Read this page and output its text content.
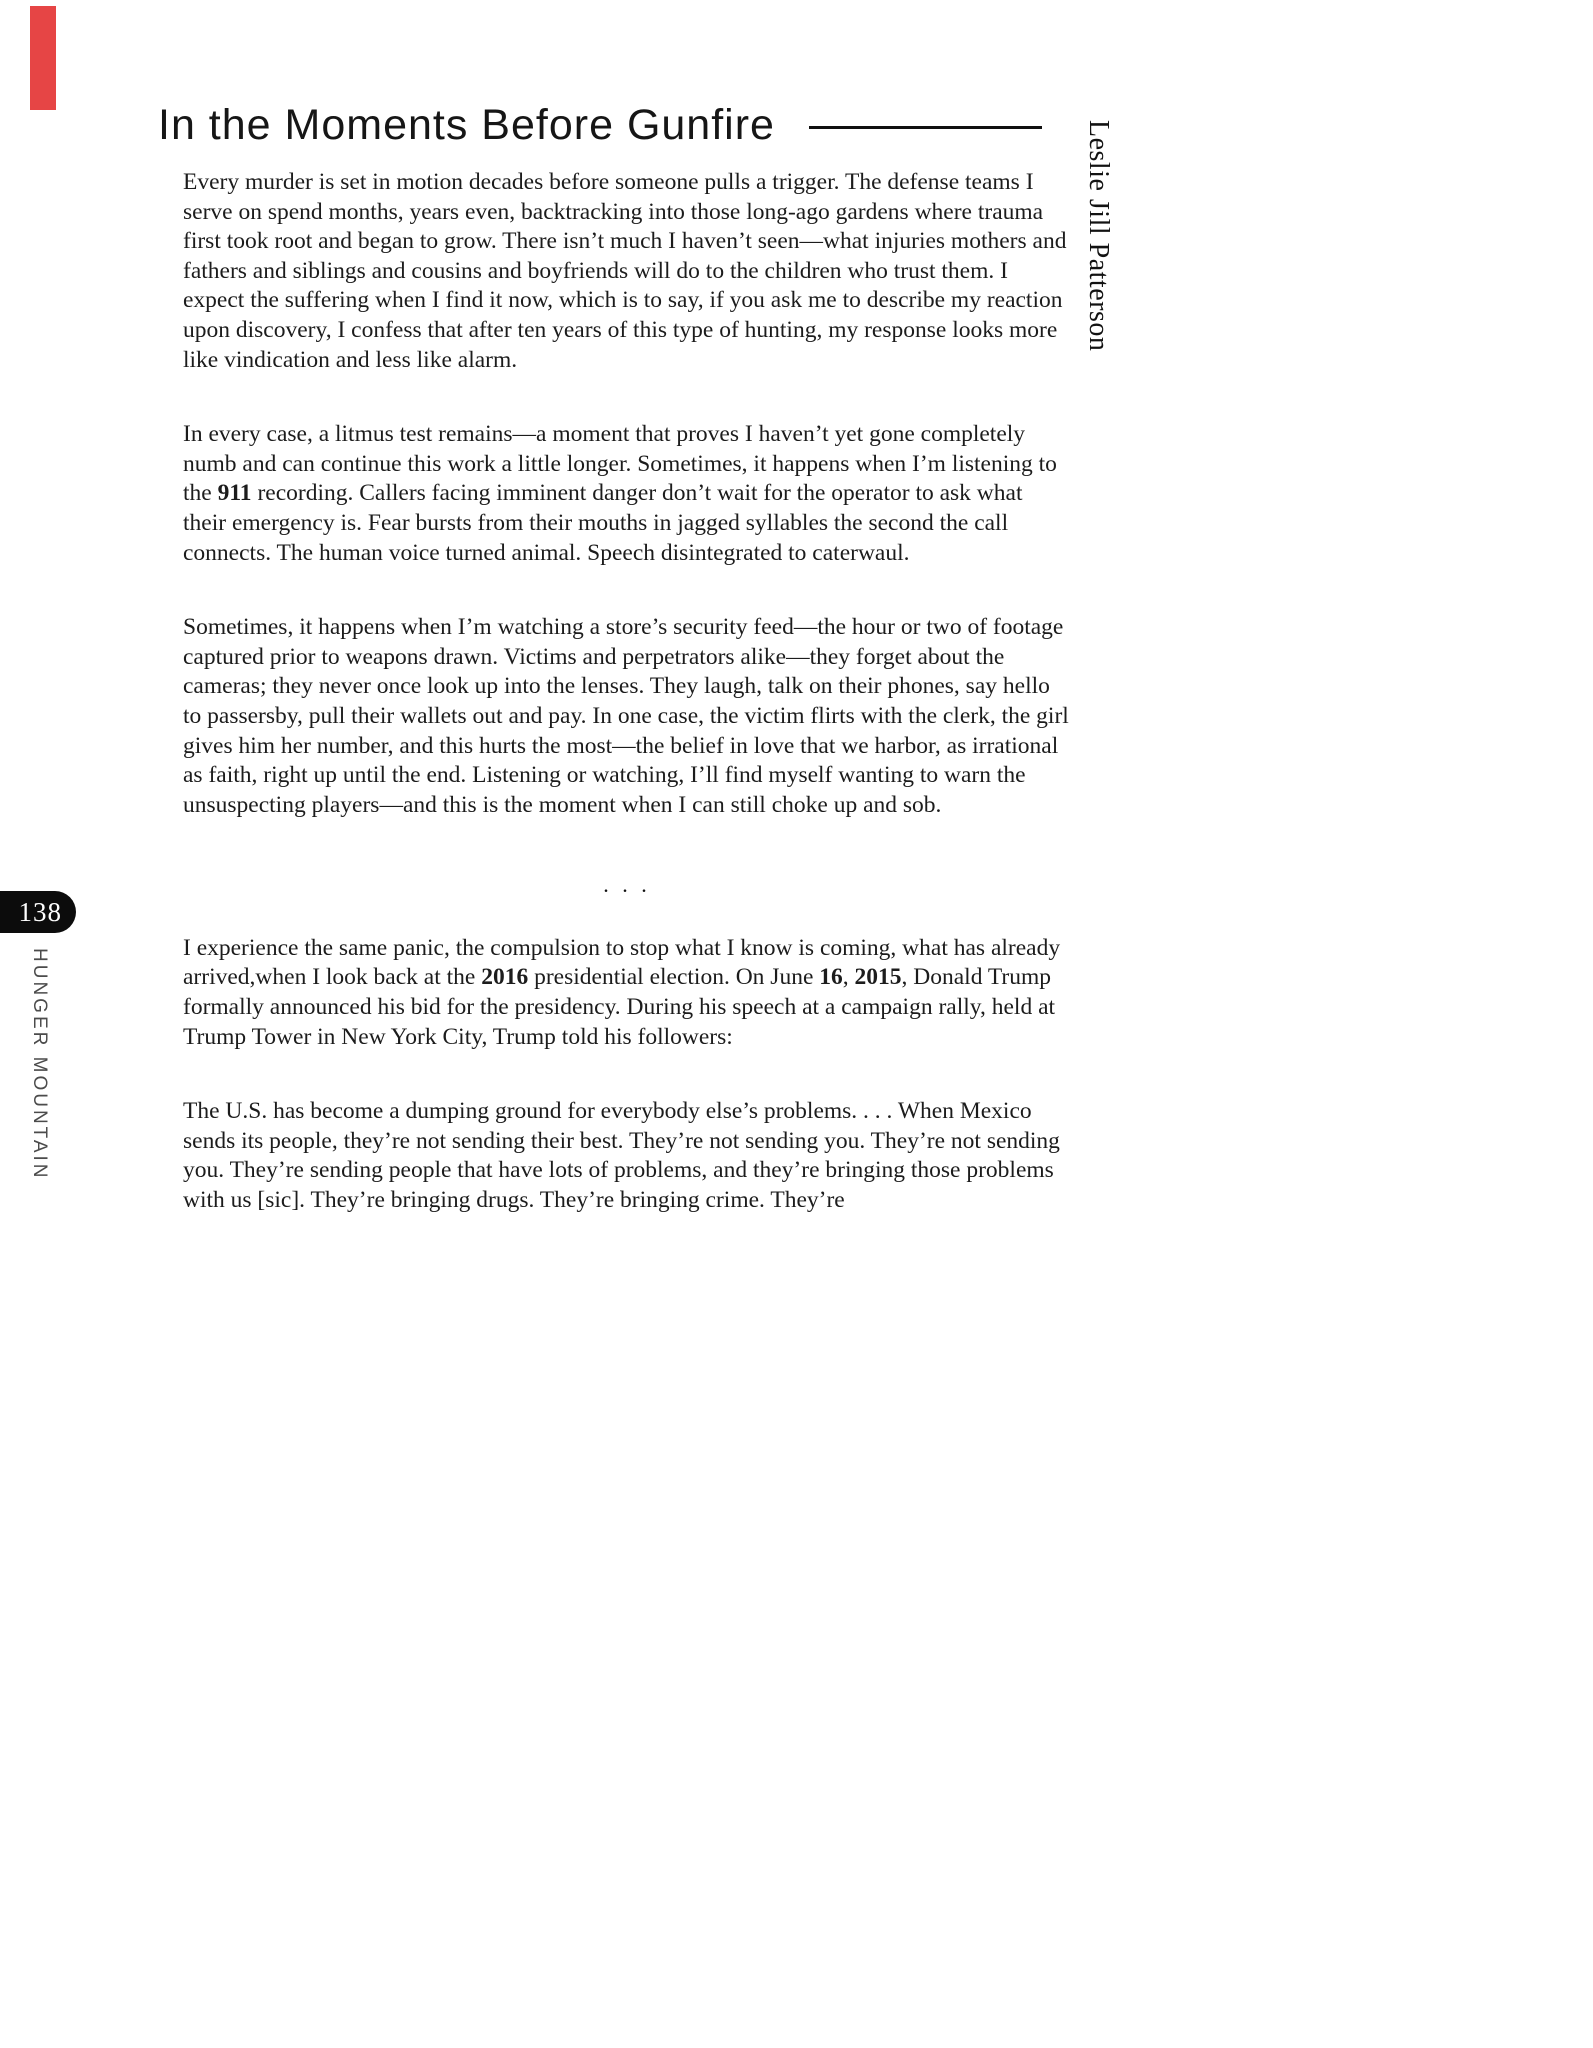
138
HUNGER MOUNTAIN
Leslie Jill Patterson
In the Moments Before Gunfire

Every murder is set in motion decades before someone pulls a trigger. The defense teams I serve on spend months, years even, backtracking into those long-ago gardens where trauma first took root and began to grow. There isn’t much I haven’t seen—what injuries mothers and fathers and siblings and cousins and boyfriends will do to the children who trust them. I expect the suffering when I find it now, which is to say, if you ask me to describe my reaction upon discovery, I confess that after ten years of this type of hunting, my response looks more like vindication and less like alarm.

In every case, a litmus test remains—a moment that proves I haven’t yet gone completely numb and can continue this work a little longer. Sometimes, it happens when I’m listening to the 911 recording. Callers facing imminent danger don’t wait for the operator to ask what their emergency is. Fear bursts from their mouths in jagged syllables the second the call connects. The human voice turned animal. Speech disintegrated to caterwaul.

Sometimes, it happens when I’m watching a store’s security feed—the hour or two of footage captured prior to weapons drawn. Victims and perpetrators alike—they forget about the cameras; they never once look up into the lenses. They laugh, talk on their phones, say hello to passersby, pull their wallets out and pay. In one case, the victim flirts with the clerk, the girl gives him her number, and this hurts the most—the belief in love that we harbor, as irrational as faith, right up until the end. Listening or watching, I’ll find myself wanting to warn the unsuspecting players—and this is the moment when I can still choke up and sob.

. . .

I experience the same panic, the compulsion to stop what I know is coming, what has already arrived,when I look back at the 2016 presidential election. On June 16, 2015, Donald Trump formally announced his bid for the presidency. During his speech at a campaign rally, held at Trump Tower in New York City, Trump told his followers:

The U.S. has become a dumping ground for everybody else’s problems. . . . When Mexico sends its people, they’re not sending their best. They’re not sending you. They’re not sending you. They’re sending people that have lots of problems, and they’re bringing those problems with us [sic]. They’re bringing drugs. They’re bringing crime. They’re
